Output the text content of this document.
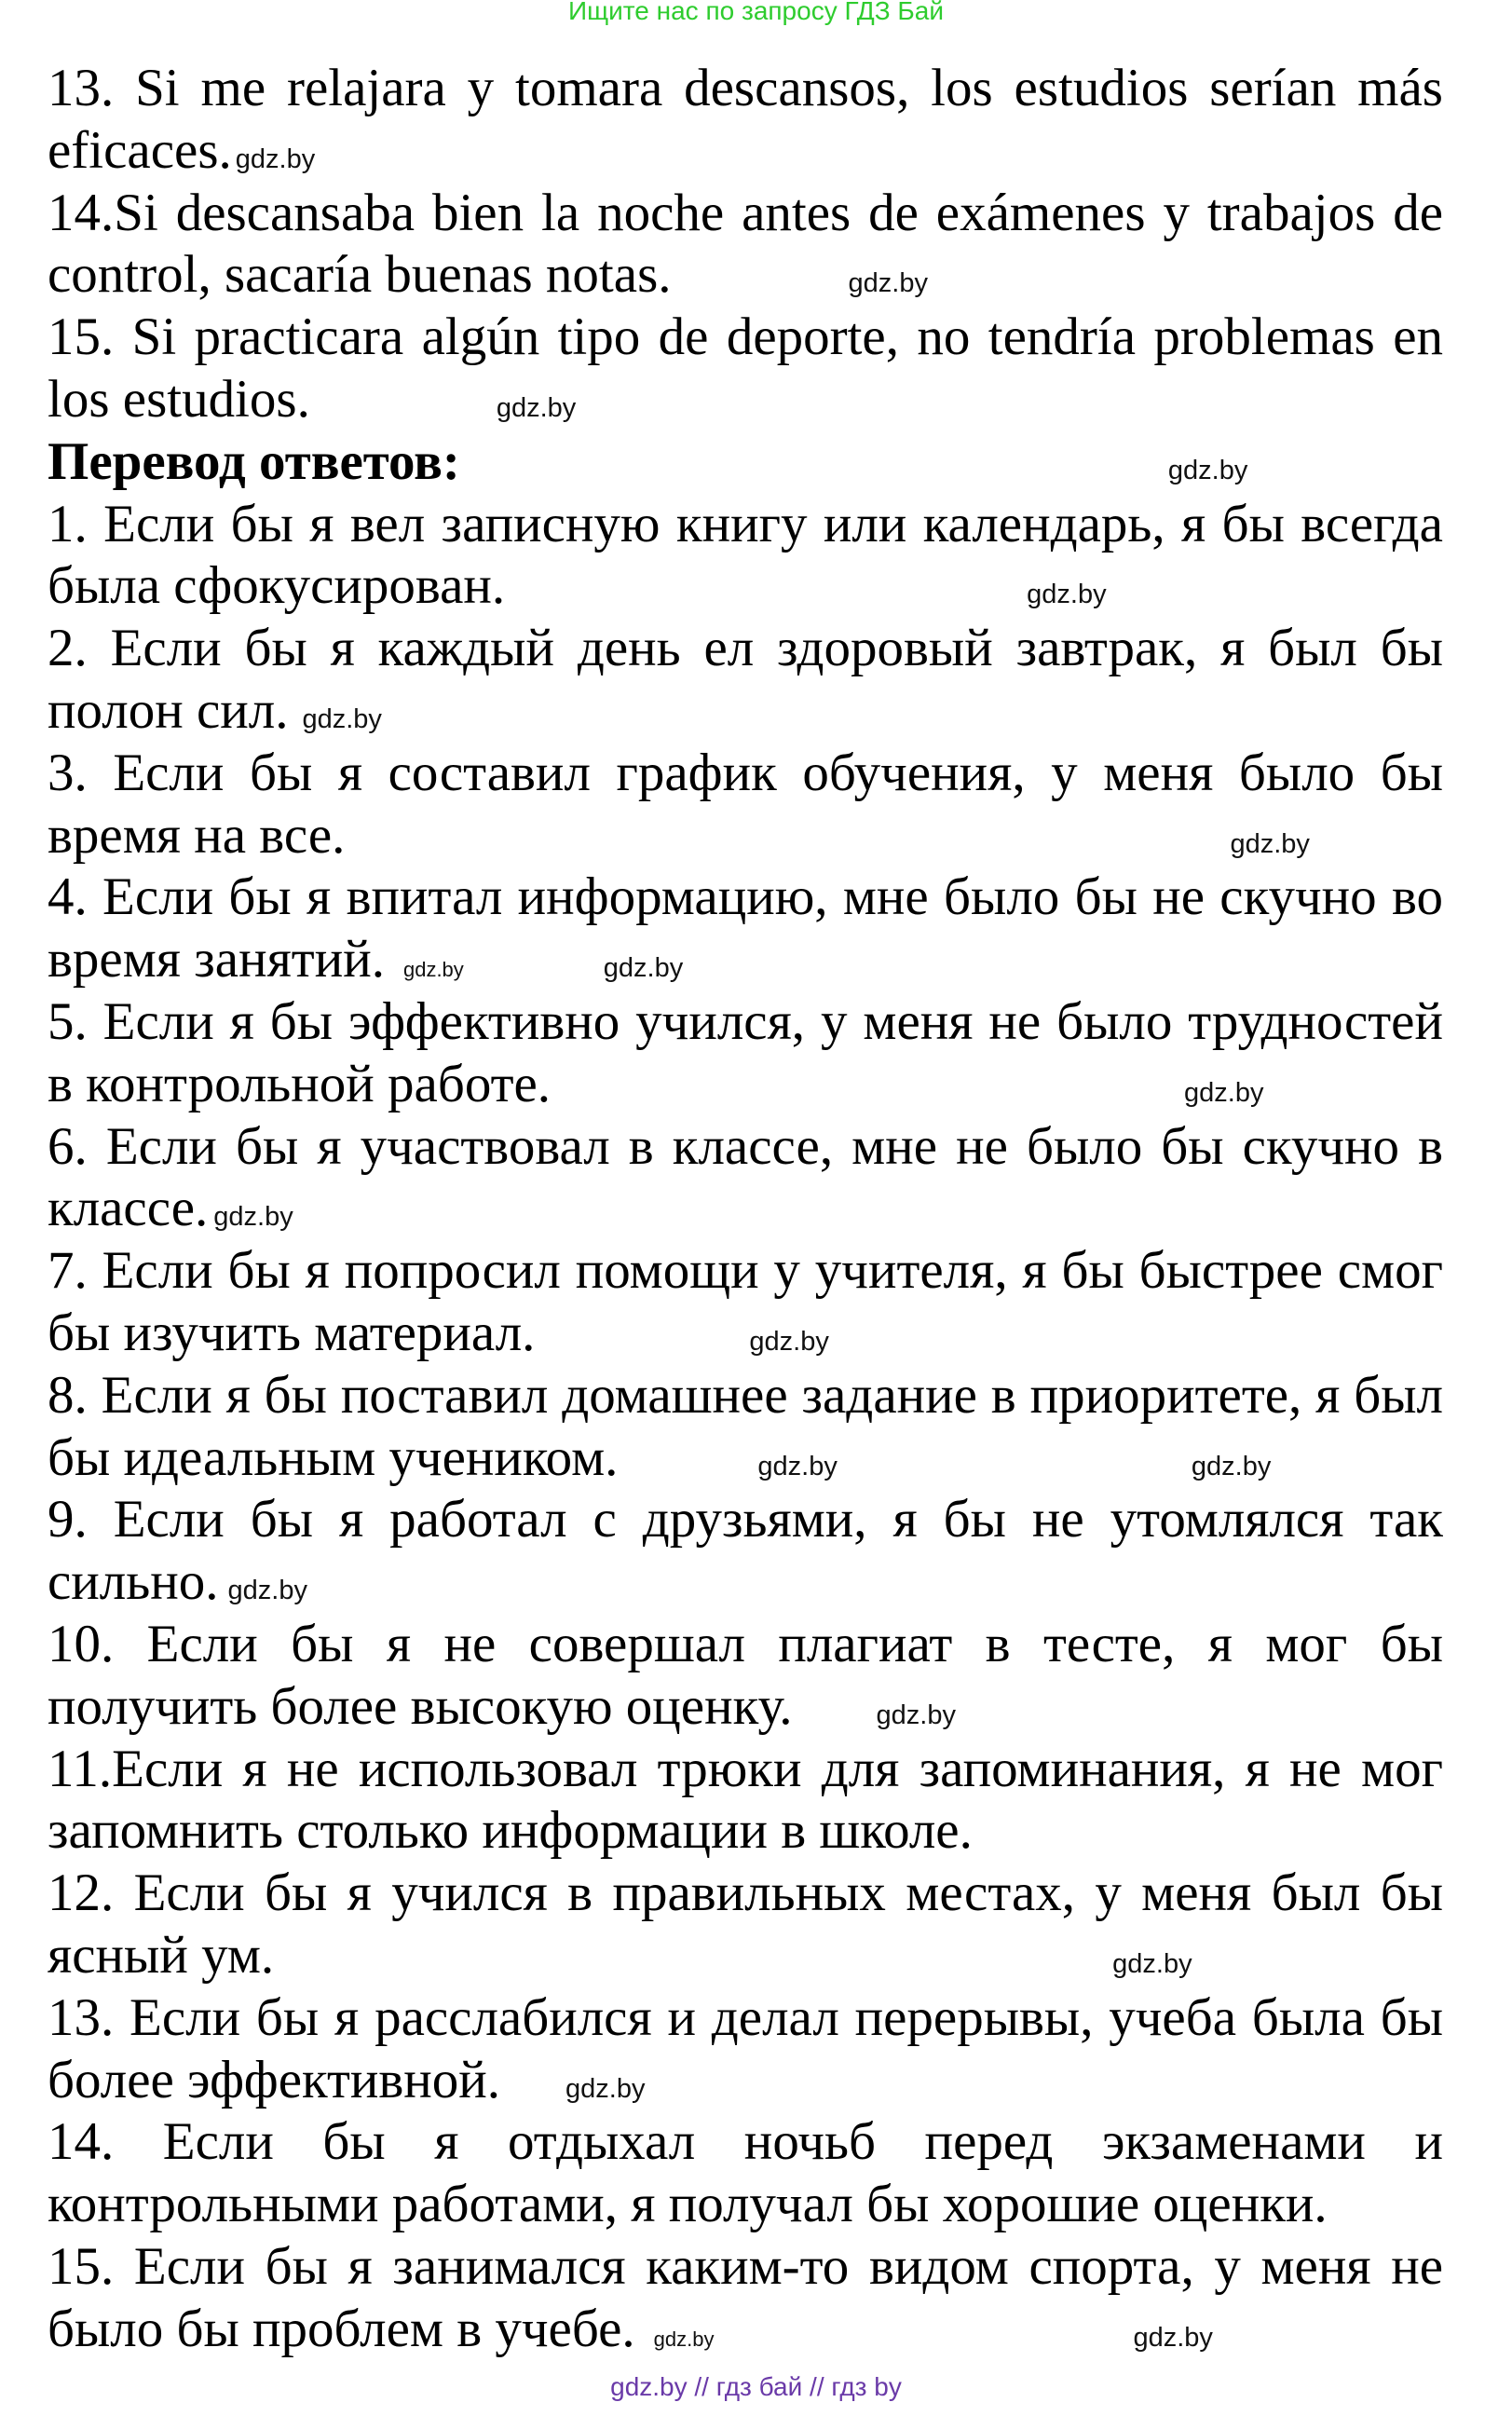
Ищите нас по запросу ГДЗ Бай

13. Si me relajara y tomara descansos, los estudios serían más eficaces. gdz.by

14.Si descansaba bien la noche antes de exámenes y trabajos de control, sacaría buenas notas.	gdz.by

15. Si practicara algún tipo de deporte, no tendría problemas en los estudios.	gdz.by

Перевод ответов:	gdz.by

1. Если бы я вел записную книгу или календарь, я бы всегда была сфокусирован.	gdz.by

2. Если бы я каждый день ел здоровый завтрак, я был бы полон сил. gdz.by

3. Если бы я составил график обучения, у меня было бы время на все.	gdz.by

4. Если бы я впитал информацию, мне было бы не скучно во время занятий. gdz.by	gdz.by

5. Если я бы эффективно учился, у меня не было трудностей в контрольной работе.	gdz.by

6. Если бы я участвовал в классе, мне не было бы скучно в классе. gdz.by

7. Если бы я попросил помощи у учителя, я бы быстрее смог бы изучить материал.	gdz.by

8. Если я бы поставил домашнее задание в приоритете, я был бы идеальным учеником.	gdz.by	gdz.by

9. Если бы я работал с друзьями, я бы не утомлялся так сильно. gdz.by

10. Если бы я не совершал плагиат в тесте, я мог бы получить более высокую оценку.	gdz.by

11.Если я не использовал трюки для запоминания, я не мог запомнить столько информации в школе.

12. Если бы я учился в правильных местах, у меня был бы ясный ум.	gdz.by

13. Если бы я расслабился и делал перерывы, учеба была бы более эффективной. gdz.by

14. Если бы я отдыхал ночьб перед экзаменами и контрольными работами, я получал бы хорошие оценки.

15. Если бы я занимался каким-то видом спорта, у меня не было бы проблем в учебе. gdz.by	gdz.by

gdz.by // гдз бай // гдз by
